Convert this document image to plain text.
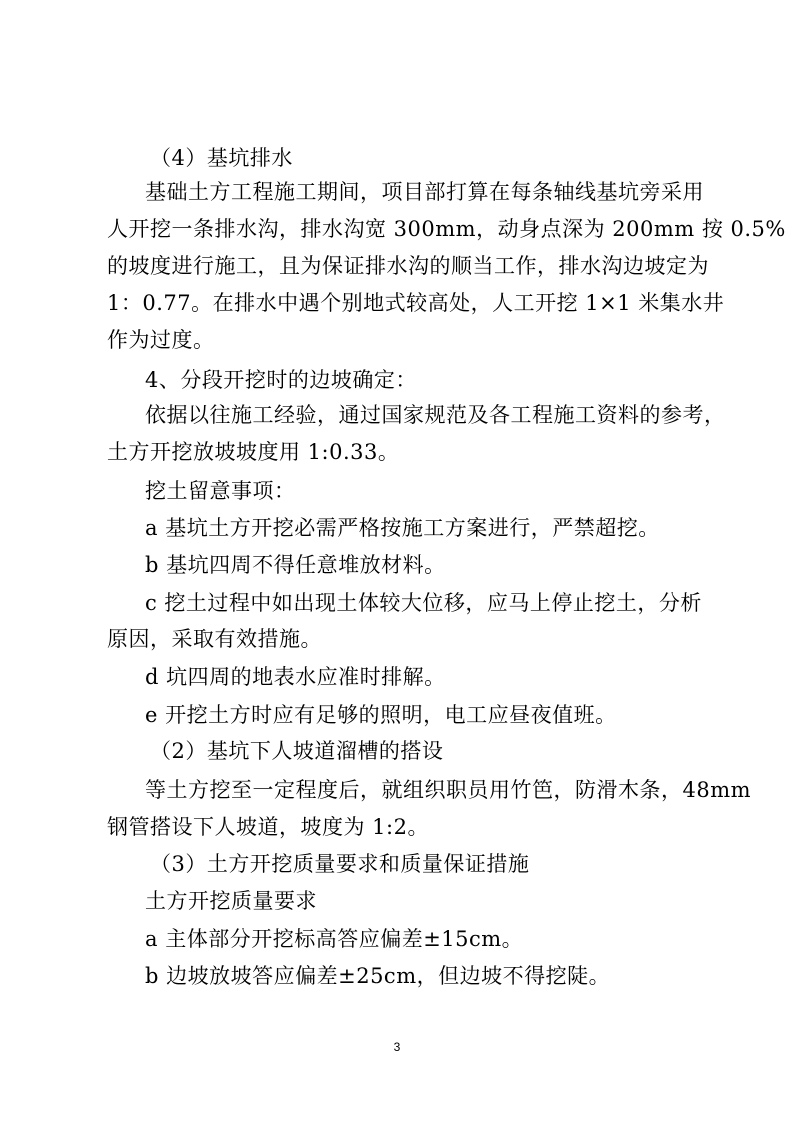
（4）基坑排水
基础土方工程施工期间，项目部打算在每条轴线基坑旁采用
人开挖一条排水沟，排水沟宽 300mm，动身点深为 200mm 按 0.5%
的坡度进行施工，且为保证排水沟的顺当工作，排水沟边坡定为
1：0.77。在排水中遇个别地式较高处，人工开挖 1×1 米集水井
作为过度。
4、分段开挖时的边坡确定：
依据以往施工经验，通过国家规范及各工程施工资料的参考，
土方开挖放坡坡度用 1:0.33。
挖土留意事项：
a 基坑土方开挖必需严格按施工方案进行，严禁超挖。
b 基坑四周不得任意堆放材料。
c 挖土过程中如出现土体较大位移，应马上停止挖土，分析
原因，采取有效措施。
d 坑四周的地表水应准时排解。
e 开挖土方时应有足够的照明，电工应昼夜值班。
（2）基坑下人坡道溜槽的搭设
等土方挖至一定程度后，就组织职员用竹笆，防滑木条，48mm
钢管搭设下人坡道，坡度为 1:2。
（3）土方开挖质量要求和质量保证措施
土方开挖质量要求
a 主体部分开挖标高答应偏差±15cm。
b 边坡放坡答应偏差±25cm，但边坡不得挖陡。
3
